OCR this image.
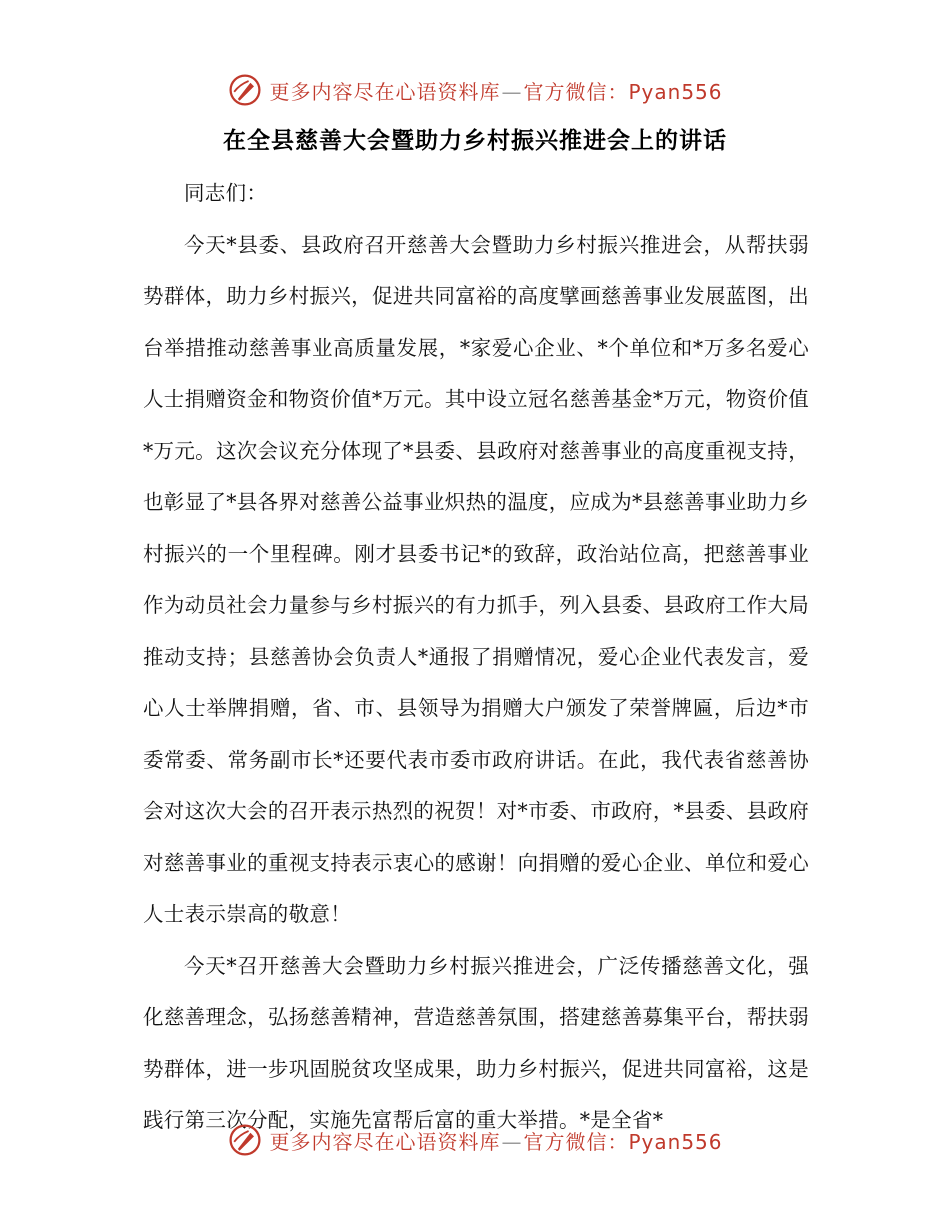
更多内容尽在心语资料库—官方微信：Pyan556
在全县慈善大会暨助力乡村振兴推进会上的讲话

同志们：

今天*县委、县政府召开慈善大会暨助力乡村振兴推进会，从帮扶弱势群体，助力乡村振兴，促进共同富裕的高度擘画慈善事业发展蓝图，出台举措推动慈善事业高质量发展，*家爱心企业、*个单位和*万多名爱心人士捐赠资金和物资价值*万元。其中设立冠名慈善基金*万元，物资价值*万元。这次会议充分体现了*县委、县政府对慈善事业的高度重视支持，也彰显了*县各界对慈善公益事业炽热的温度，应成为*县慈善事业助力乡村振兴的一个里程碑。刚才县委书记*的致辞，政治站位高，把慈善事业作为动员社会力量参与乡村振兴的有力抓手，列入县委、县政府工作大局推动支持；县慈善协会负责人*通报了捐赠情况，爱心企业代表发言，爱心人士举牌捐赠，省、市、县领导为捐赠大户颁发了荣誉牌匾，后边*市委常委、常务副市长*还要代表市委市政府讲话。在此，我代表省慈善协会对这次大会的召开表示热烈的祝贺！对*市委、市政府，*县委、县政府对慈善事业的重视支持表示衷心的感谢！向捐赠的爱心企业、单位和爱心人士表示崇高的敬意！

今天*召开慈善大会暨助力乡村振兴推进会，广泛传播慈善文化，强化慈善理念，弘扬慈善精神，营造慈善氛围，搭建慈善募集平台，帮扶弱势群体，进一步巩固脱贫攻坚成果，助力乡村振兴，促进共同富裕，这是践行第三次分配，实施先富帮后富的重大举措。*是全省*

更多内容尽在心语资料库—官方微信：Pyan556
